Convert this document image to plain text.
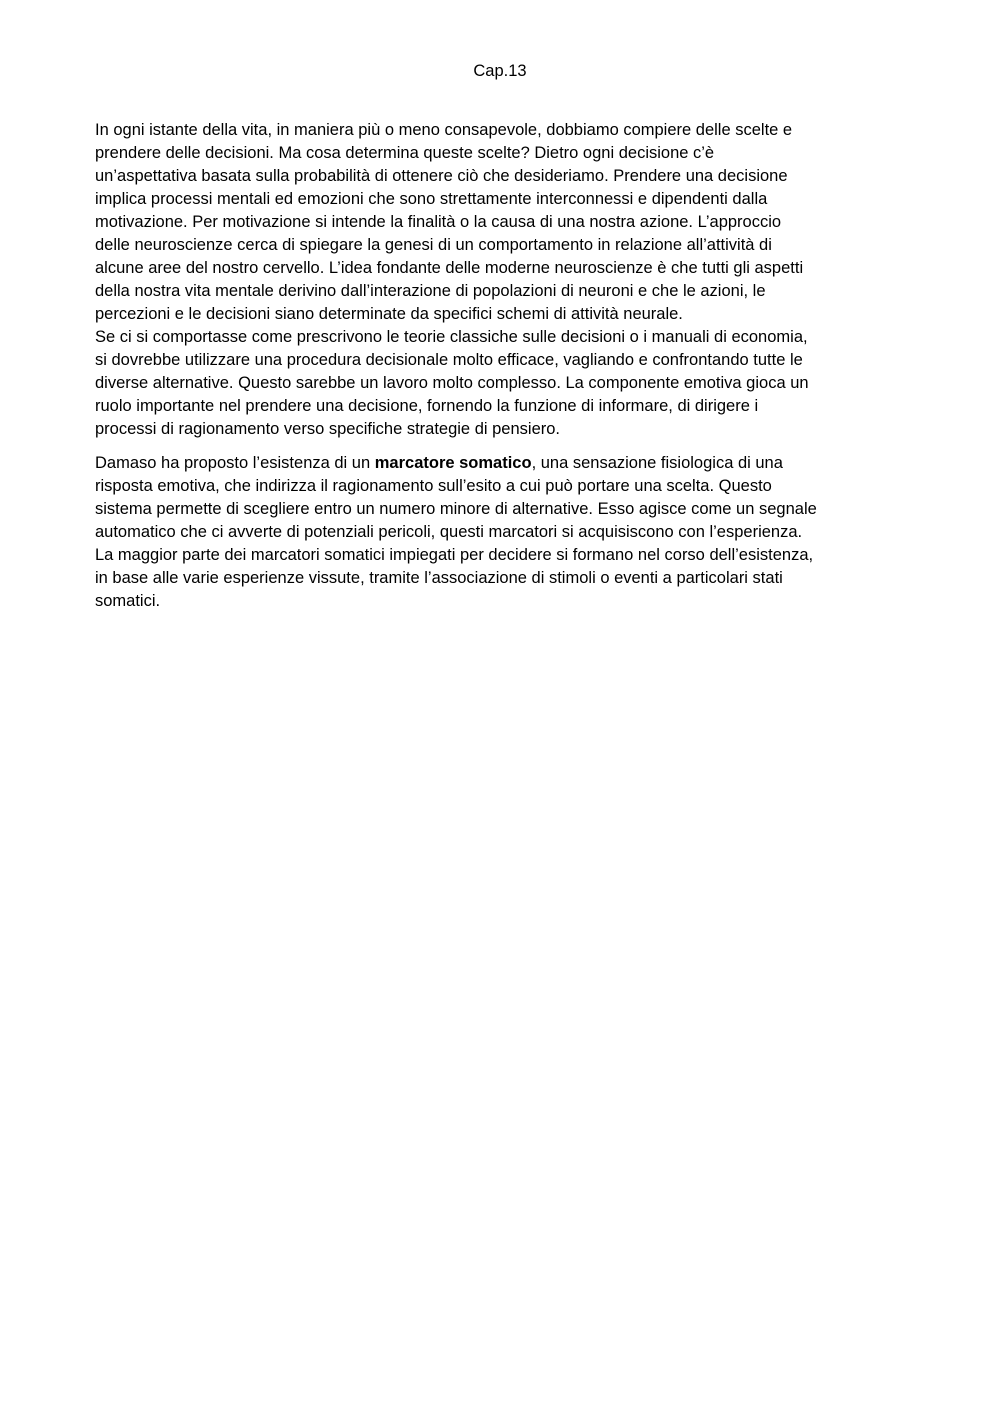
Cap.13

In ogni istante della vita, in maniera più o meno consapevole, dobbiamo compiere delle scelte e
prendere delle decisioni. Ma cosa determina queste scelte? Dietro ogni decisione c’è
un’aspettativa basata sulla probabilità di ottenere ciò che desideriamo. Prendere una decisione
implica processi mentali ed emozioni che sono strettamente interconnessi e dipendenti dalla
motivazione. Per motivazione si intende la finalità o la causa di una nostra azione. L’approccio
delle neuroscienze cerca di spiegare la genesi di un comportamento in relazione all’attività di
alcune aree del nostro cervello. L’idea fondante delle moderne neuroscienze è che tutti gli aspetti
della nostra vita mentale derivino dall’interazione di popolazioni di neuroni e che le azioni, le
percezioni e le decisioni siano determinate da specifici schemi di attività neurale.
Se ci si comportasse come prescrivono le teorie classiche sulle decisioni o i manuali di economia,
si dovrebbe utilizzare una procedura decisionale molto efficace, vagliando e confrontando tutte le
diverse alternative. Questo sarebbe un lavoro molto complesso. La componente emotiva gioca un
ruolo importante nel prendere una decisione, fornendo la funzione di informare, di dirigere i
processi di ragionamento verso specifiche strategie di pensiero.

Damaso ha proposto l’esistenza di un marcatore somatico, una sensazione fisiologica di una
risposta emotiva, che indirizza il ragionamento sull’esito a cui può portare una scelta. Questo
sistema permette di scegliere entro un numero minore di alternative. Esso agisce come un segnale
automatico che ci avverte di potenziali pericoli, questi marcatori si acquisiscono con l’esperienza.
La maggior parte dei marcatori somatici impiegati per decidere si formano nel corso dell’esistenza,
in base alle varie esperienze vissute, tramite l’associazione di stimoli o eventi a particolari stati
somatici.
